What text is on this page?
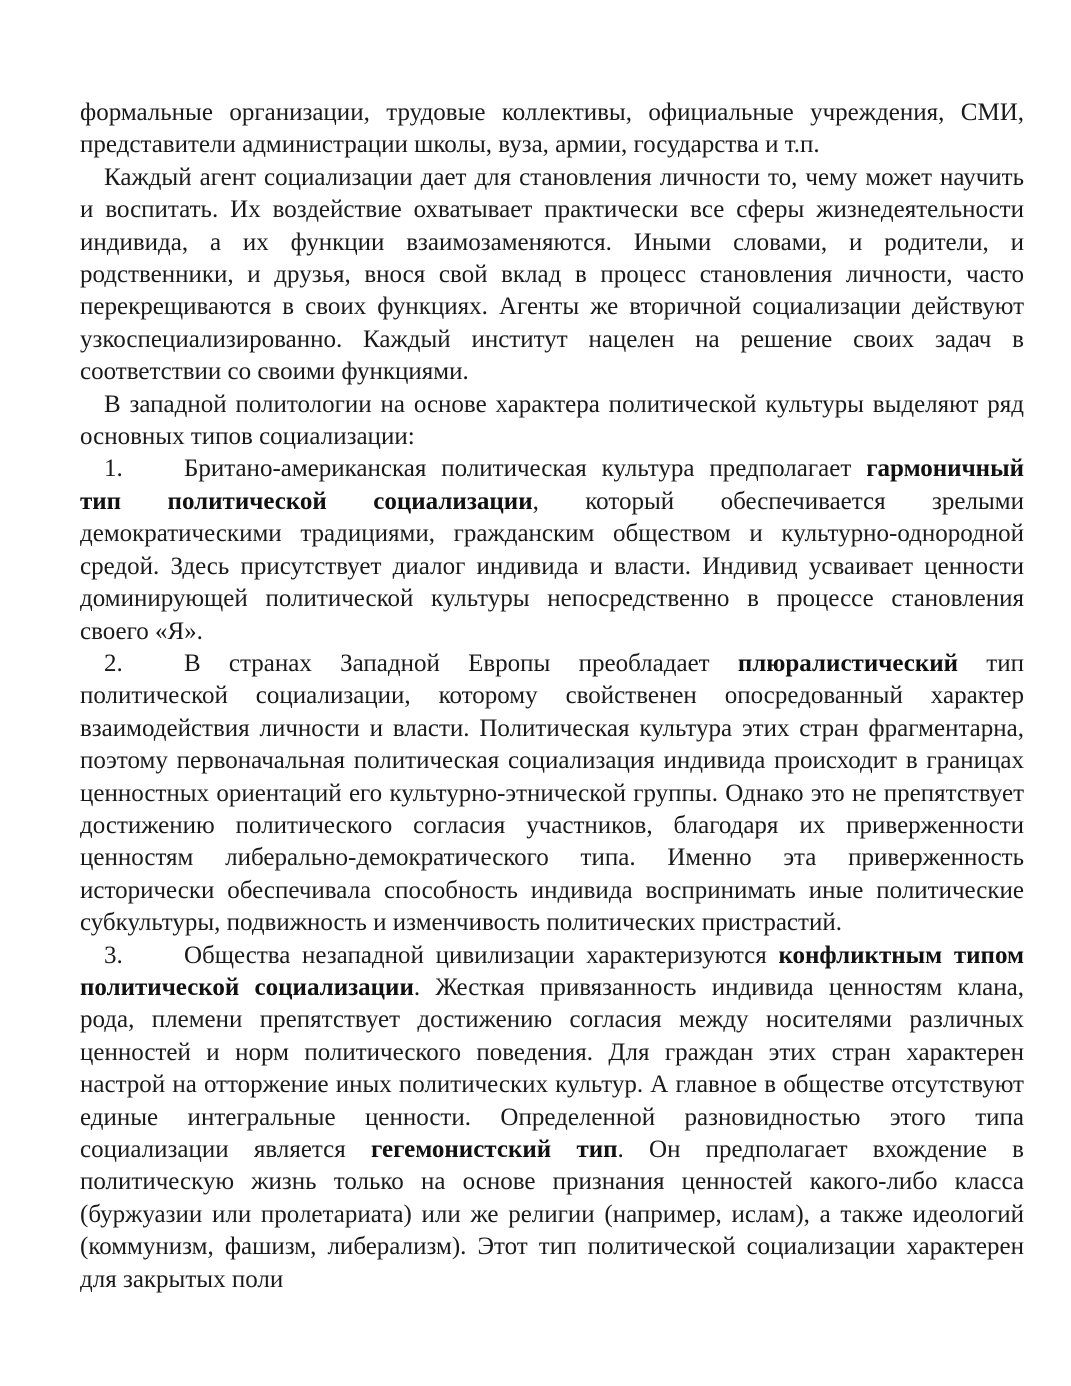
формальные организации, трудовые коллективы, официальные учреждения, СМИ, представители администрации школы, вуза, армии, государства и т.п.

Каждый агент социализации дает для становления личности то, чему может научить и воспитать. Их воздействие охватывает практически все сферы жизнедеятельности индивида, а их функции взаимозаменяются. Иными словами, и родители, и родственники, и друзья, внося свой вклад в процесс становления личности, часто перекрещиваются в своих функциях. Агенты же вторичной социализации действуют узкоспециализированно. Каждый институт нацелен на решение своих задач в соответствии со своими функциями.

В западной политологии на основе характера политической культуры выделяют ряд основных типов социализации:

1. Британо-американская политическая культура предполагает гармоничный тип политической социализации, который обеспечивается зрелыми демократическими традициями, гражданским обществом и культурно-однородной средой. Здесь присутствует диалог индивида и власти. Индивид усваивает ценности доминирующей политической культуры непосредственно в процессе становления своего «Я».

2. В странах Западной Европы преобладает плюралистический тип политической социализации, которому свойственен опосредованный характер взаимодействия личности и власти. Политическая культура этих стран фрагментарна, поэтому первоначальная политическая социализация индивида происходит в границах ценностных ориентаций его культурно-этнической группы. Однако это не препятствует достижению политического согласия участников, благодаря их приверженности ценностям либерально-демократического типа. Именно эта приверженность исторически обеспечивала способность индивида воспринимать иные политические субкультуры, подвижность и изменчивость политических пристрастий.

3. Общества незападной цивилизации характеризуются конфликтным типом политической социализации. Жесткая привязанность индивида ценностям клана, рода, племени препятствует достижению согласия между носителями различных ценностей и норм политического поведения. Для граждан этих стран характерен настрой на отторжение иных политических культур. А главное в обществе отсутствуют единые интегральные ценности. Определенной разновидностью этого типа социализации является гегемонистский тип. Он предполагает вхождение в политическую жизнь только на основе признания ценностей какого-либо класса (буржуазии или пролетариата) или же религии (например, ислам), а также идеологий (коммунизм, фашизм, либерализм). Этот тип политической социализации характерен для закрытых поли
